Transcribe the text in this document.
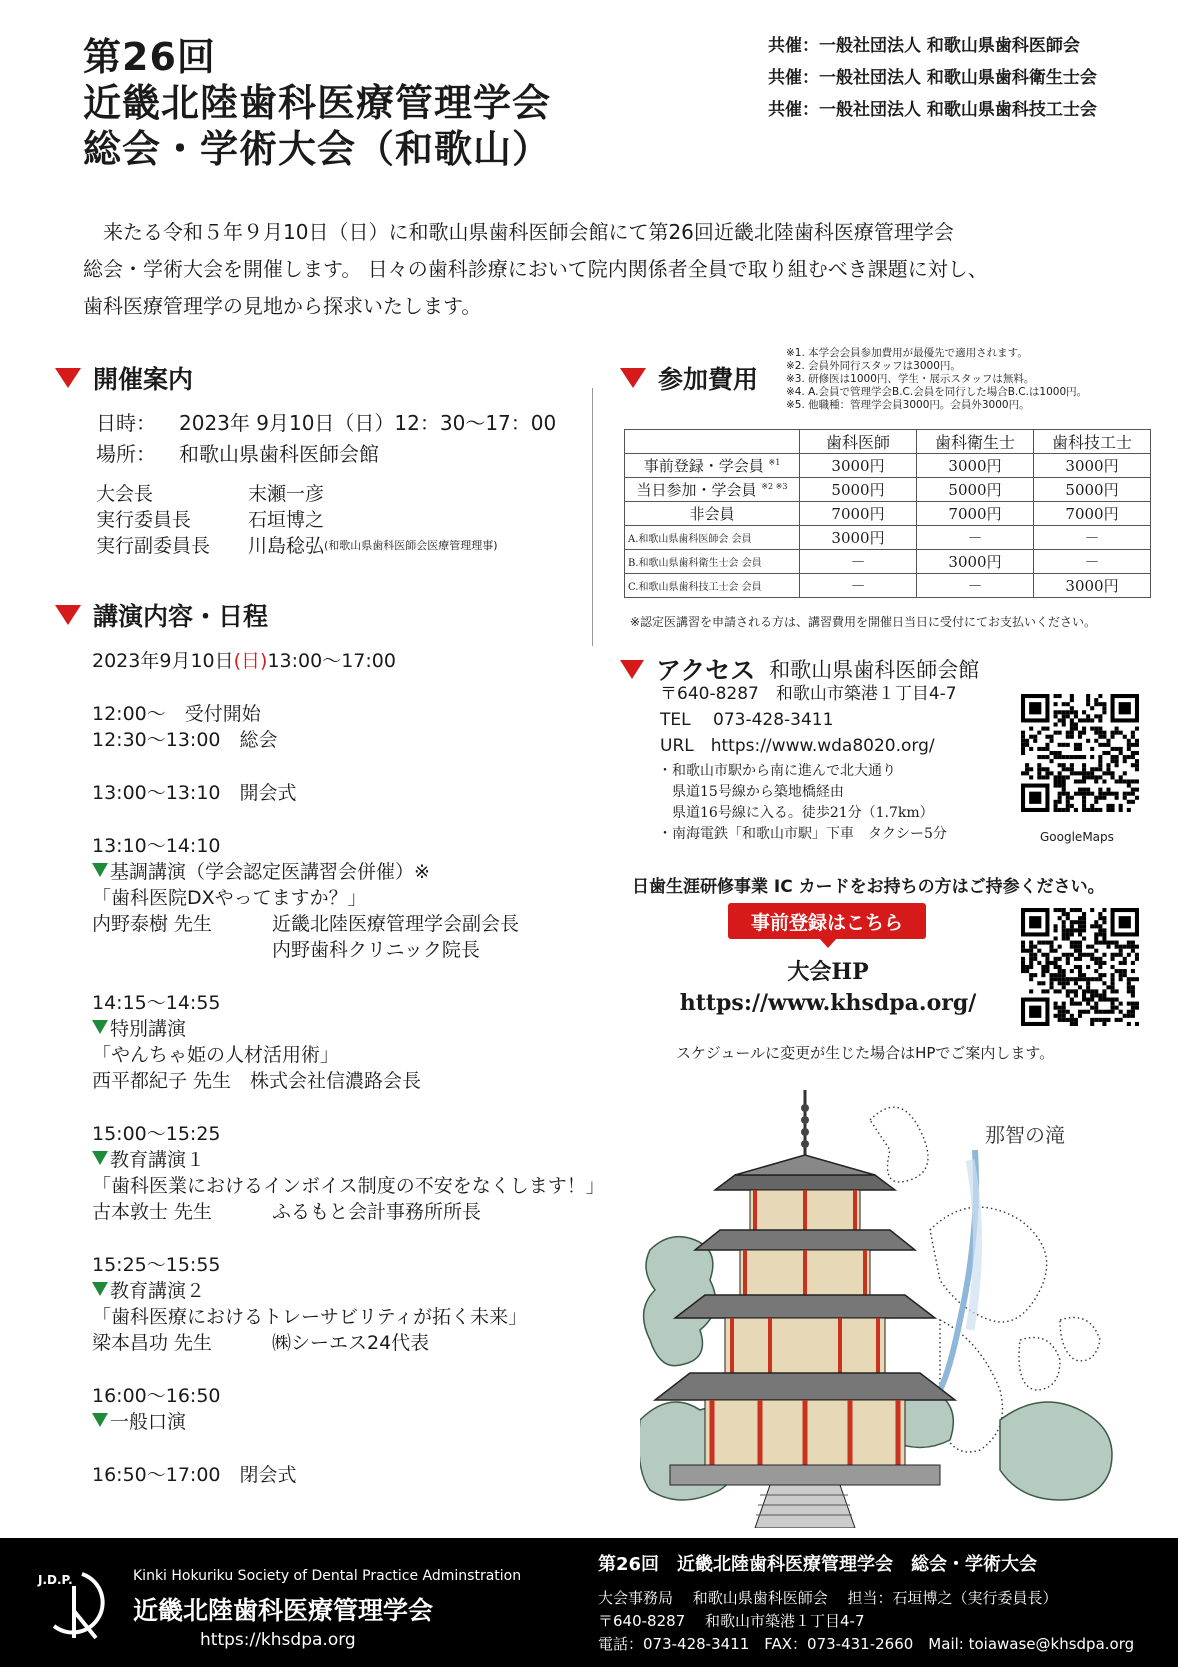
第26回
近畿北陸歯科医療管理学会
総会・学術大会（和歌山）
共催：一般社団法人 和歌山県歯科医師会
共催：一般社団法人 和歌山県歯科衛生士会
共催：一般社団法人 和歌山県歯科技工士会

　来たる令和５年９月10日（日）に和歌山県歯科医師会館にて第26回近畿北陸歯科医療管理学会

総会・学術大会を開催します。 日々の歯科診療において院内関係者全員で取り組むべき課題に対し、

歯科医療管理学の見地から探求いたします。

開催案内
日時：	2023年 9月10日（日）12：30～17：00
場所：	和歌山県歯科医師会館
大会長	末瀬一彦
実行委員長	石垣博之
実行副委員長	川島稔弘 (和歌山県歯科医師会医療管理理事)
講演内容・日程
2023年9月10日(日)13:00～17:00
12:00～　受付開始
12:30～13:00　総会
13:00～13:10　開会式
13:10～14:10
基調講演（学会認定医講習会併催）※
「歯科医院DXやってますか？」
内野泰樹 先生	近畿北陸医療管理学会副会長
内野歯科クリニック院長
14:15～14:55
特別講演
「やんちゃ姫の人材活用術」
西平都紀子 先生　株式会社信濃路会長
15:00～15:25
教育講演１
「歯科医業におけるインボイス制度の不安をなくします！」
古本敦士 先生	ふるもと会計事務所所長
15:25～15:55
教育講演２
「歯科医療におけるトレーサビリティが拓く未来」
梁本昌功 先生	㈱シーエス24代表
16:00～16:50
一般口演
16:50～17:00　閉会式
参加費用
※1. 本学会会員参加費用が最優先で適用されます。
※2. 会員外同行スタッフは3000円。
※3. 研修医は1000円、学生・展示スタッフは無料。
※4. A.会員で管理学会B.C.会員を同行した場合B.C.は1000円。
※5. 他職種：管理学会員3000円。会員外3000円。
	歯科医師	歯科衛生士	歯科技工士
事前登録・学会員 $^{※1}$	3000円	3000円	3000円
当日参加・学会員 $^{※2 ※3}$	5000円	5000円	5000円
非会員	7000円	7000円	7000円
A.和歌山県歯科医師会 会員	3000円	－	－
B.和歌山県歯科衛生士会 会員	－	3000円	－
C.和歌山県歯科技工士会 会員	－	－	3000円
※認定医講習を申請される方は、講習費用を開催日当日に受付にてお支払いください。
アクセス 和歌山県歯科医師会館
〒640-8287　和歌山市築港１丁目4-7
TEL　 073-428-3411
URL　https://www.wda8020.org/
・和歌山市駅から南に進んで北大通り
　県道15号線から築地橋経由
　県道16号線に入る。徒歩21分（1.7km）
・南海電鉄「和歌山市駅」下車　タクシー5分	GoogleMaps
日歯生涯研修事業 IC カードをお持ちの方はご持参ください。
事前登録はこちら
大会HP
https://www.khsdpa.org/
スケジュールに変更が生じた場合はHPでご案内します。
那智の滝
J.D.P.	Kinki Hokuriku Society of Dental Practice Adminstration
近畿北陸歯科医療管理学会
https://khsdpa.org
第26回　近畿北陸歯科医療管理学会　総会・学術大会
大会事務局　 和歌山県歯科医師会　 担当：石垣博之（実行委員長）
〒640-8287　 和歌山市築港１丁目4-7
電話：073-428-3411　FAX：073-431-2660　Mail: toiawase@khsdpa.org
